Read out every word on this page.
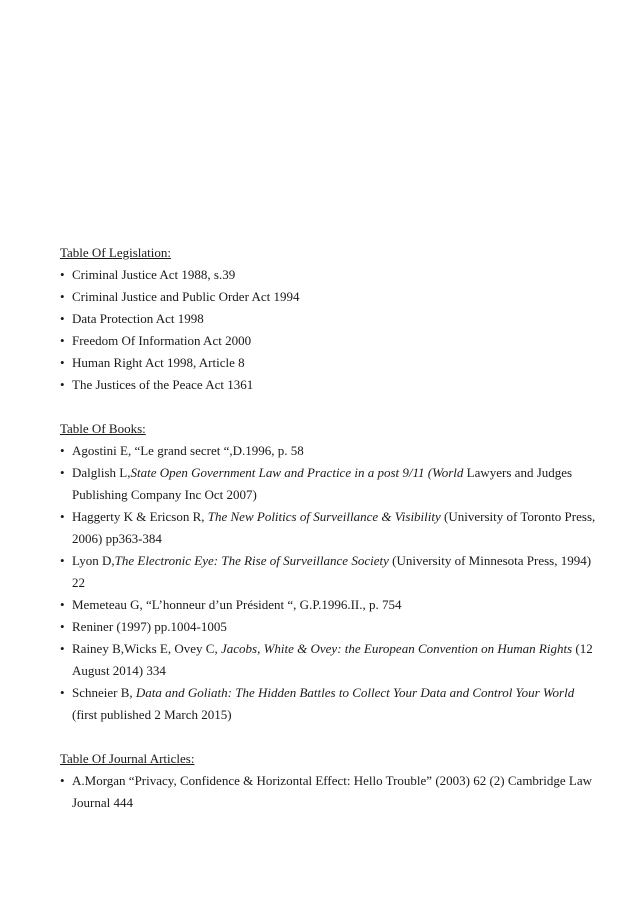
Table Of Legislation:
• Criminal Justice Act 1988, s.39
• Criminal Justice and Public Order Act 1994
• Data Protection Act 1998
• Freedom Of Information Act 2000
• Human Right Act 1998, Article 8
• The Justices of the Peace Act 1361
Table Of Books:
• Agostini E, “Le grand secret “,D.1996, p. 58
• Dalglish L,State Open Government Law and Practice in a post 9/11 (World Lawyers and Judges Publishing Company Inc Oct 2007)
• Haggerty K & Ericson R, The New Politics of Surveillance & Visibility (University of Toronto Press, 2006) pp363-384
• Lyon D,The Electronic Eye: The Rise of Surveillance Society (University of Minnesota Press, 1994) 22
• Memeteau G, “L’honneur d’un Président “, G.P.1996.II., p. 754
• Reniner (1997) pp.1004-1005
• Rainey B,Wicks E, Ovey C, Jacobs, White & Ovey: the European Convention on Human Rights (12 August 2014) 334
• Schneier B, Data and Goliath: The Hidden Battles to Collect Your Data and Control Your World (first published 2 March 2015)
Table Of Journal Articles:
• A.Morgan “Privacy, Confidence & Horizontal Effect: Hello Trouble” (2003) 62 (2) Cambridge Law Journal 444
